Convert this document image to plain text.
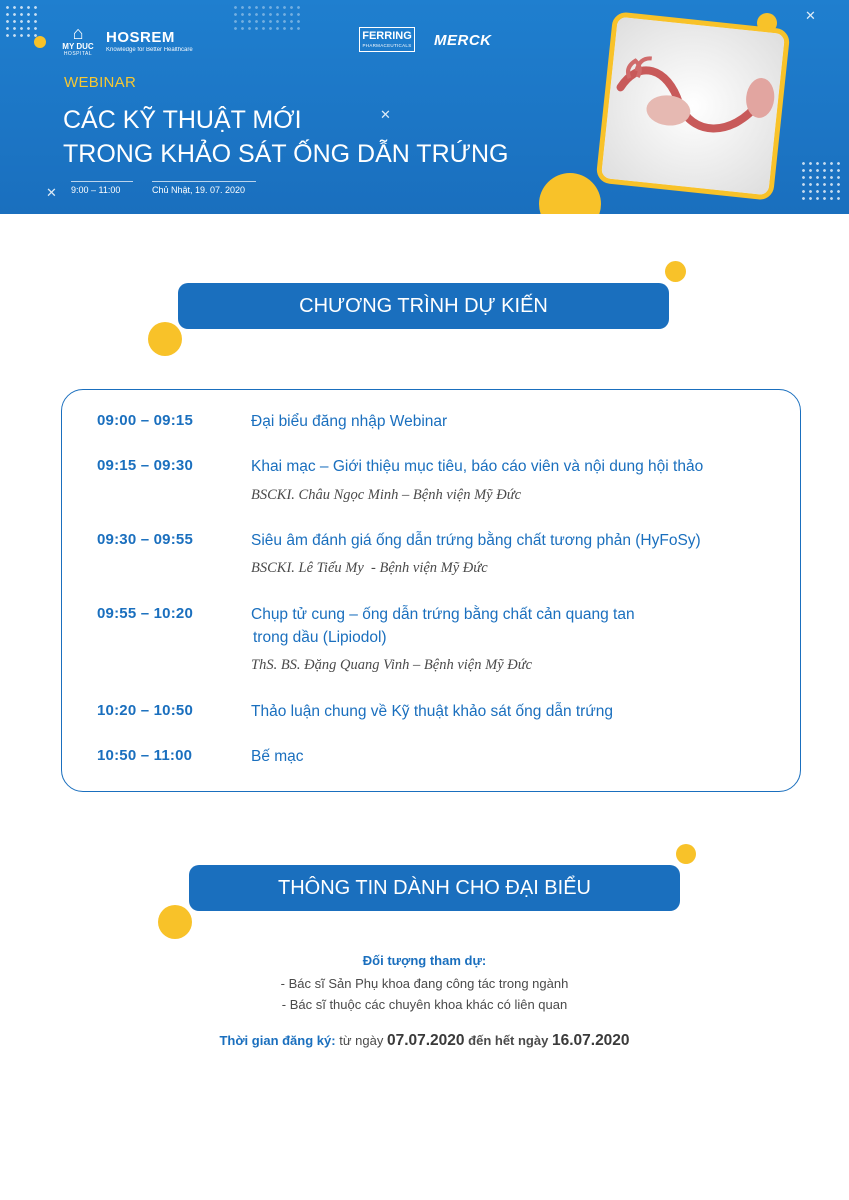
✕
✕
✕
⌂
MY DUC
HOSPITAL
HOSREM
Knowledge for Better Healthcare
FERRING
PHARMACEUTICALS MERCK
WEBINAR
CÁC KỸ THUẬT MỚI
TRONG KHẢO SÁT ỐNG DẪN TRỨNG
9:00 – 11:00	Chủ Nhật, 19. 07. 2020
CHƯƠNG TRÌNH DỰ KIẾN
09:00 – 09:15	Đại biểu đăng nhập Webinar
09:15 – 09:30	Khai mạc – Giới thiệu mục tiêu, báo cáo viên và nội dung hội thảo
BSCKI. Châu Ngọc Minh – Bệnh viện Mỹ Đức
09:30 – 09:55	Siêu âm đánh giá ống dẫn trứng bằng chất tương phản (HyFoSy)
BSCKI. Lê Tiểu My  - Bệnh viện Mỹ Đức
09:55 – 10:20	Chụp tử cung – ống dẫn trứng bằng chất cản quang tan
trong dầu (Lipiodol)
ThS. BS. Đặng Quang Vinh – Bệnh viện Mỹ Đức
10:20 – 10:50	Thảo luận chung về Kỹ thuật khảo sát ống dẫn trứng
10:50 – 11:00	Bế mạc
THÔNG TIN DÀNH CHO ĐẠI BIỂU
Đối tượng tham dự:
- Bác sĩ Sản Phụ khoa đang công tác trong ngành
- Bác sĩ thuộc các chuyên khoa khác có liên quan
Thời gian đăng ký: từ ngày 07.07.2020 đến hết ngày 16.07.2020
